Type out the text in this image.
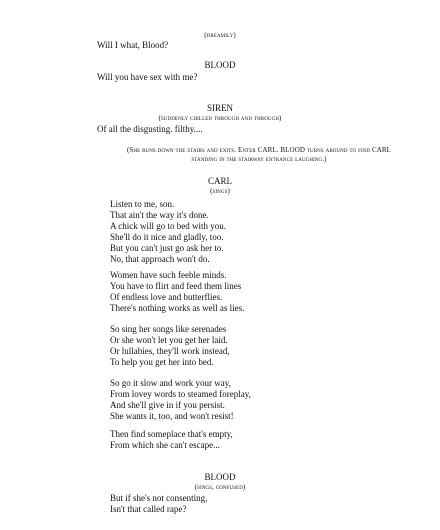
(dreamily)
Will I what, Blood?
BLOOD
Will you have sex with me?
SIREN
(suddenly chilled through and through)
Of all the disgusting. filthy....
(She runs down the stairs and exits. Enter CARL. BLOOD turns around to find CARL
standing in the stairway entrance laughing.)
CARL
(sings)
Listen to me, son.
That ain't the way it's done.
A chick will go to bed with you.
She'll do it nice and gladly, too.
But you can't just go ask her to.
No, that approach won't do.
Women have such feeble minds.
You have to flirt and feed them lines
Of endless love and butterflies.
There's nothing works as well as lies.
So sing her songs like serenades
Or she won't let you get her laid.
Or lullabies, they'll work instead,
To help you get her into bed.
So go it slow and work your way,
From lovey words to steamed foreplay,
And she'll give in if you persist.
She wants it, too, and won't resist!
Then find someplace that's empty,
From which she can't escape...
BLOOD
(sings, confused)
But if she's not consenting,
Isn't that called rape?
